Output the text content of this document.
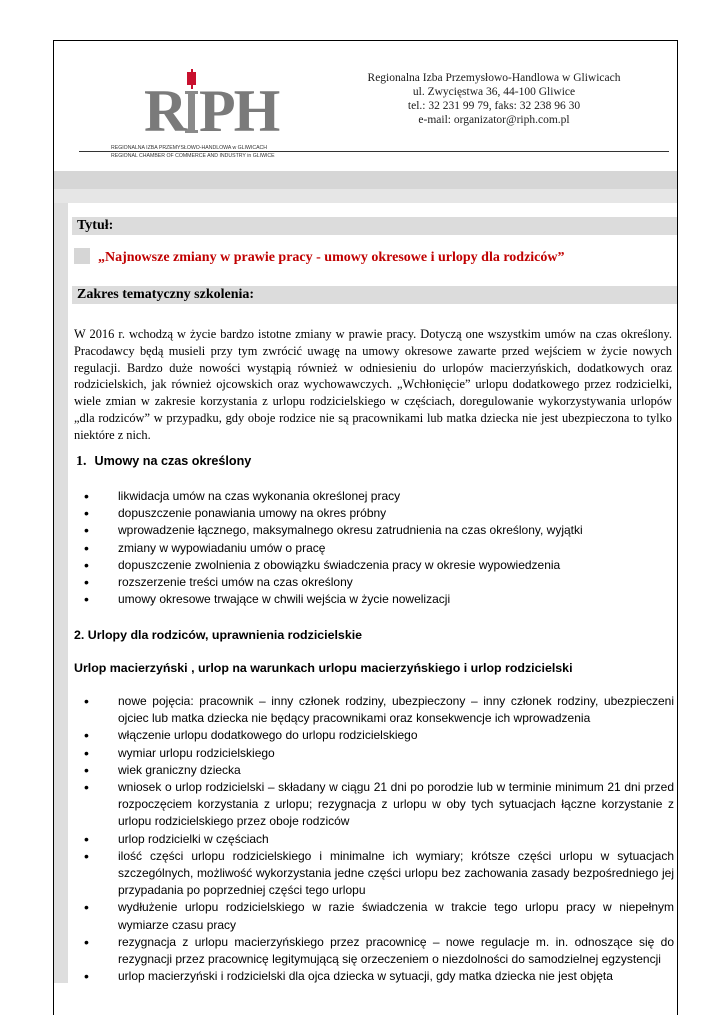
R PH
REGIONALNA IZBA PRZEMYSŁOWO-HANDLOWA w GLIWICACH
REGIONAL CHAMBER OF COMMERCE AND INDUSTRY in GLIWICE
Regionalna Izba Przemysłowo-Handlowa w Gliwicach
ul. Zwycięstwa 36, 44-100 Gliwice
tel.: 32 231 99 79, faks: 32 238 96 30
e-mail: organizator@riph.com.pl
Tytuł:
„Najnowsze zmiany w prawie pracy - umowy okresowe i urlopy dla rodziców”
Zakres tematyczny szkolenia:

W 2016 r. wchodzą w życie bardzo istotne zmiany w prawie pracy. Dotyczą one wszystkim umów na czas określony. Pracodawcy będą musieli przy tym zwrócić uwagę na umowy okresowe zawarte przed wejściem w życie nowych regulacji. Bardzo duże nowości wystąpią również w odniesieniu do urlopów macierzyńskich, dodatkowych oraz rodzicielskich, jak również ojcowskich oraz wychowawczych. „Wchłonięcie” urlopu dodatkowego przez rodzicielki, wiele zmian w zakresie korzystania z urlopu rodzicielskiego w częściach, doregulowanie wykorzystywania urlopów „dla rodziców” w przypadku, gdy oboje rodzice nie są pracownikami lub matka dziecka nie jest ubezpieczona to tylko niektóre z nich.

1. Umowy na czas określony
• likwidacja umów na czas wykonania określonej pracy
• dopuszczenie ponawiania umowy na okres próbny
• wprowadzenie łącznego, maksymalnego okresu zatrudnienia na czas określony, wyjątki
• zmiany w wypowiadaniu umów o pracę
• dopuszczenie zwolnienia z obowiązku świadczenia pracy w okresie wypowiedzenia
• rozszerzenie treści umów na czas określony
• umowy okresowe trwające w chwili wejścia w życie nowelizacji
2. Urlopy dla rodziców, uprawnienia rodzicielskie
Urlop macierzyński , urlop na warunkach urlopu macierzyńskiego i urlop rodzicielski
• nowe pojęcia: pracownik – inny członek rodziny, ubezpieczony – inny członek rodziny, ubezpieczeni ojciec lub matka dziecka nie będący pracownikami oraz konsekwencje ich wprowadzenia
• włączenie urlopu dodatkowego do urlopu rodzicielskiego
• wymiar urlopu rodzicielskiego
• wiek graniczny dziecka
• wniosek o urlop rodzicielski – składany w ciągu 21 dni po porodzie lub w terminie minimum 21 dni przed rozpoczęciem korzystania z urlopu; rezygnacja z urlopu w oby tych sytuacjach łączne korzystanie z urlopu rodzicielskiego przez oboje rodziców
• urlop rodzicielki w częściach
• ilość części urlopu rodzicielskiego i minimalne ich wymiary; krótsze części urlopu w sytuacjach szczególnych, możliwość wykorzystania jedne części urlopu bez zachowania zasady bezpośredniego jej przypadania po poprzedniej części tego urlopu
• wydłużenie urlopu rodzicielskiego w razie świadczenia w trakcie tego urlopu pracy w niepełnym wymiarze czasu pracy
• rezygnacja z urlopu macierzyńskiego przez pracownicę – nowe regulacje m. in. odnoszące się do rezygnacji przez pracownicę legitymującą się orzeczeniem o niezdolności do samodzielnej egzystencji
• urlop macierzyński i rodzicielski dla ojca dziecka w sytuacji, gdy matka dziecka nie jest objęta
